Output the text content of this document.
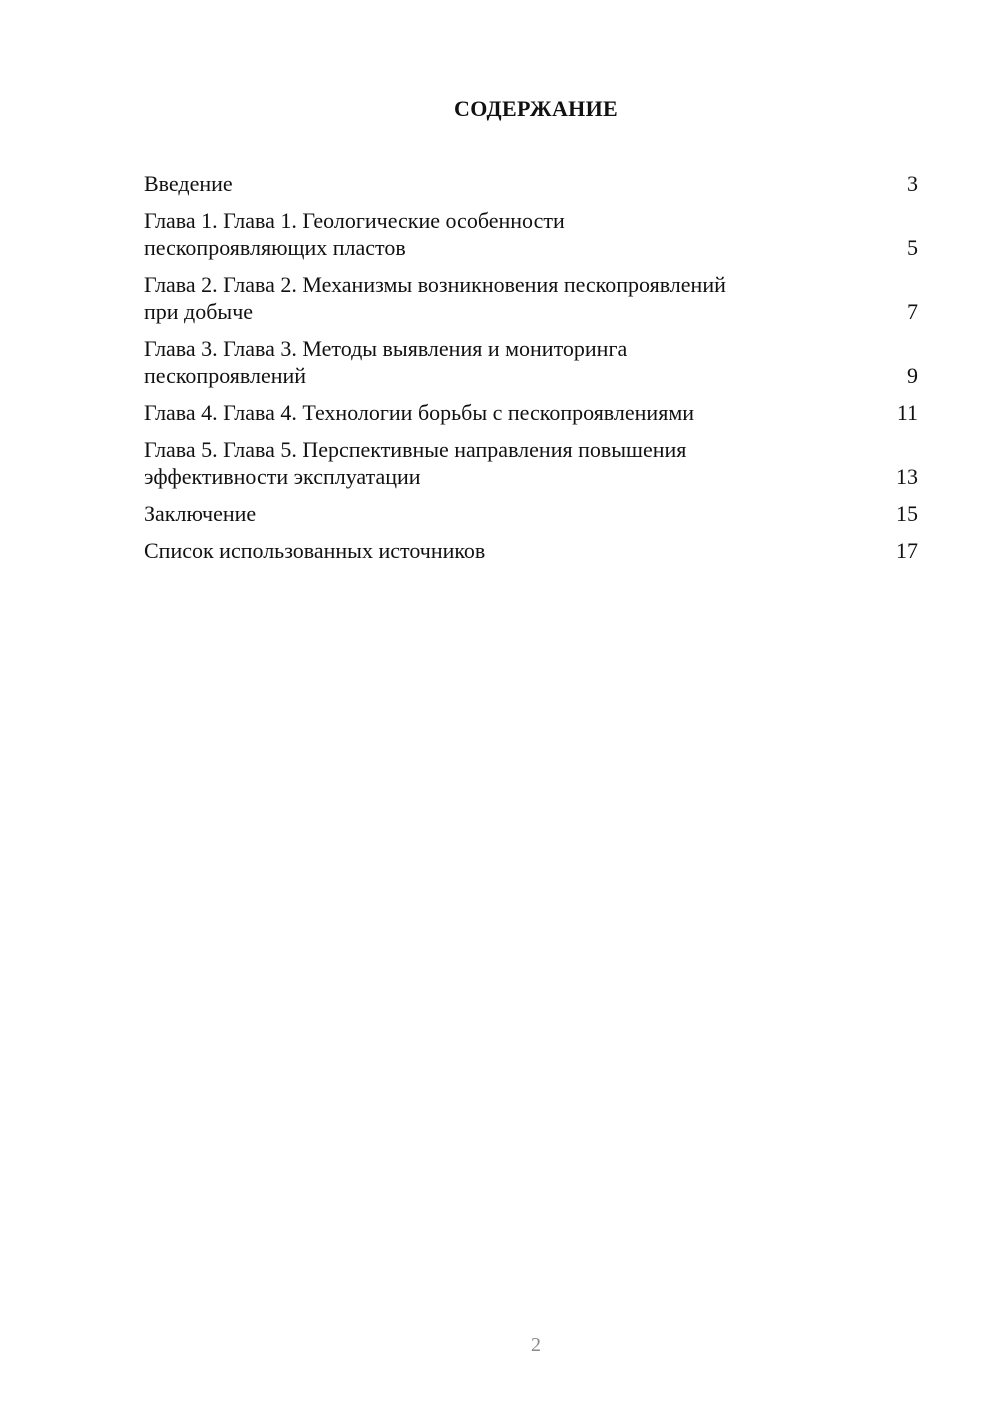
СОДЕРЖАНИЕ
Введение	3
Глава 1. Глава 1. Геологические особенности
пескопроявляющих пластов	5
Глава 2. Глава 2. Механизмы возникновения пескопроявлений
при добыче	7
Глава 3. Глава 3. Методы выявления и мониторинга
пескопроявлений	9
Глава 4. Глава 4. Технологии борьбы с пескопроявлениями	11
Глава 5. Глава 5. Перспективные направления повышения
эффективности эксплуатации	13
Заключение	15
Список использованных источников	17
2
